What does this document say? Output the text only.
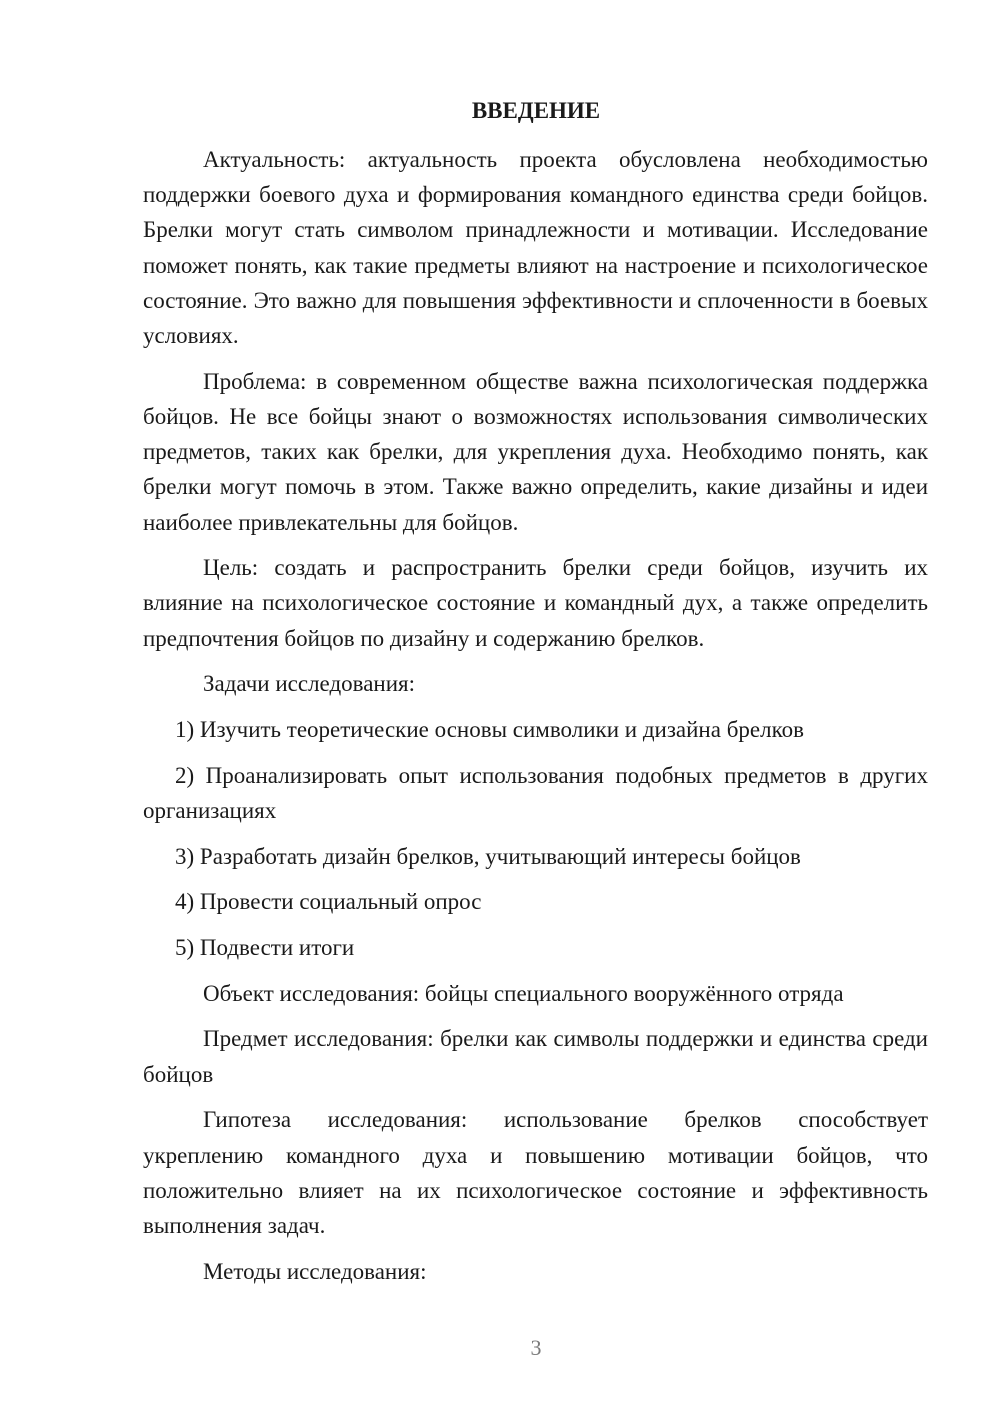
ВВЕДЕНИЕ

Актуальность: актуальность проекта обусловлена необходимостью поддержки боевого духа и формирования командного единства среди бойцов. Брелки могут стать символом принадлежности и мотивации. Исследование поможет понять, как такие предметы влияют на настроение и психологическое состояние. Это важно для повышения эффективности и сплоченности в боевых условиях.

Проблема: в современном обществе важна психологическая поддержка бойцов. Не все бойцы знают о возможностях использования символических предметов, таких как брелки, для укрепления духа. Необходимо понять, как брелки могут помочь в этом. Также важно определить, какие дизайны и идеи наиболее привлекательны для бойцов.

Цель: создать и распространить брелки среди бойцов, изучить их влияние на психологическое состояние и командный дух, а также определить предпочтения бойцов по дизайну и содержанию брелков.

Задачи исследования:

1) Изучить теоретические основы символики и дизайна брелков

2) Проанализировать опыт использования подобных предметов в других организациях

3) Разработать дизайн брелков, учитывающий интересы бойцов

4) Провести социальный опрос

5) Подвести итоги

Объект исследования: бойцы специального вооружённого отряда

Предмет исследования: брелки как символы поддержки и единства среди бойцов

Гипотеза исследования: использование брелков способствует укреплению командного духа и повышению мотивации бойцов, что положительно влияет на их психологическое состояние и эффективность выполнения задач.

Методы исследования:

3
